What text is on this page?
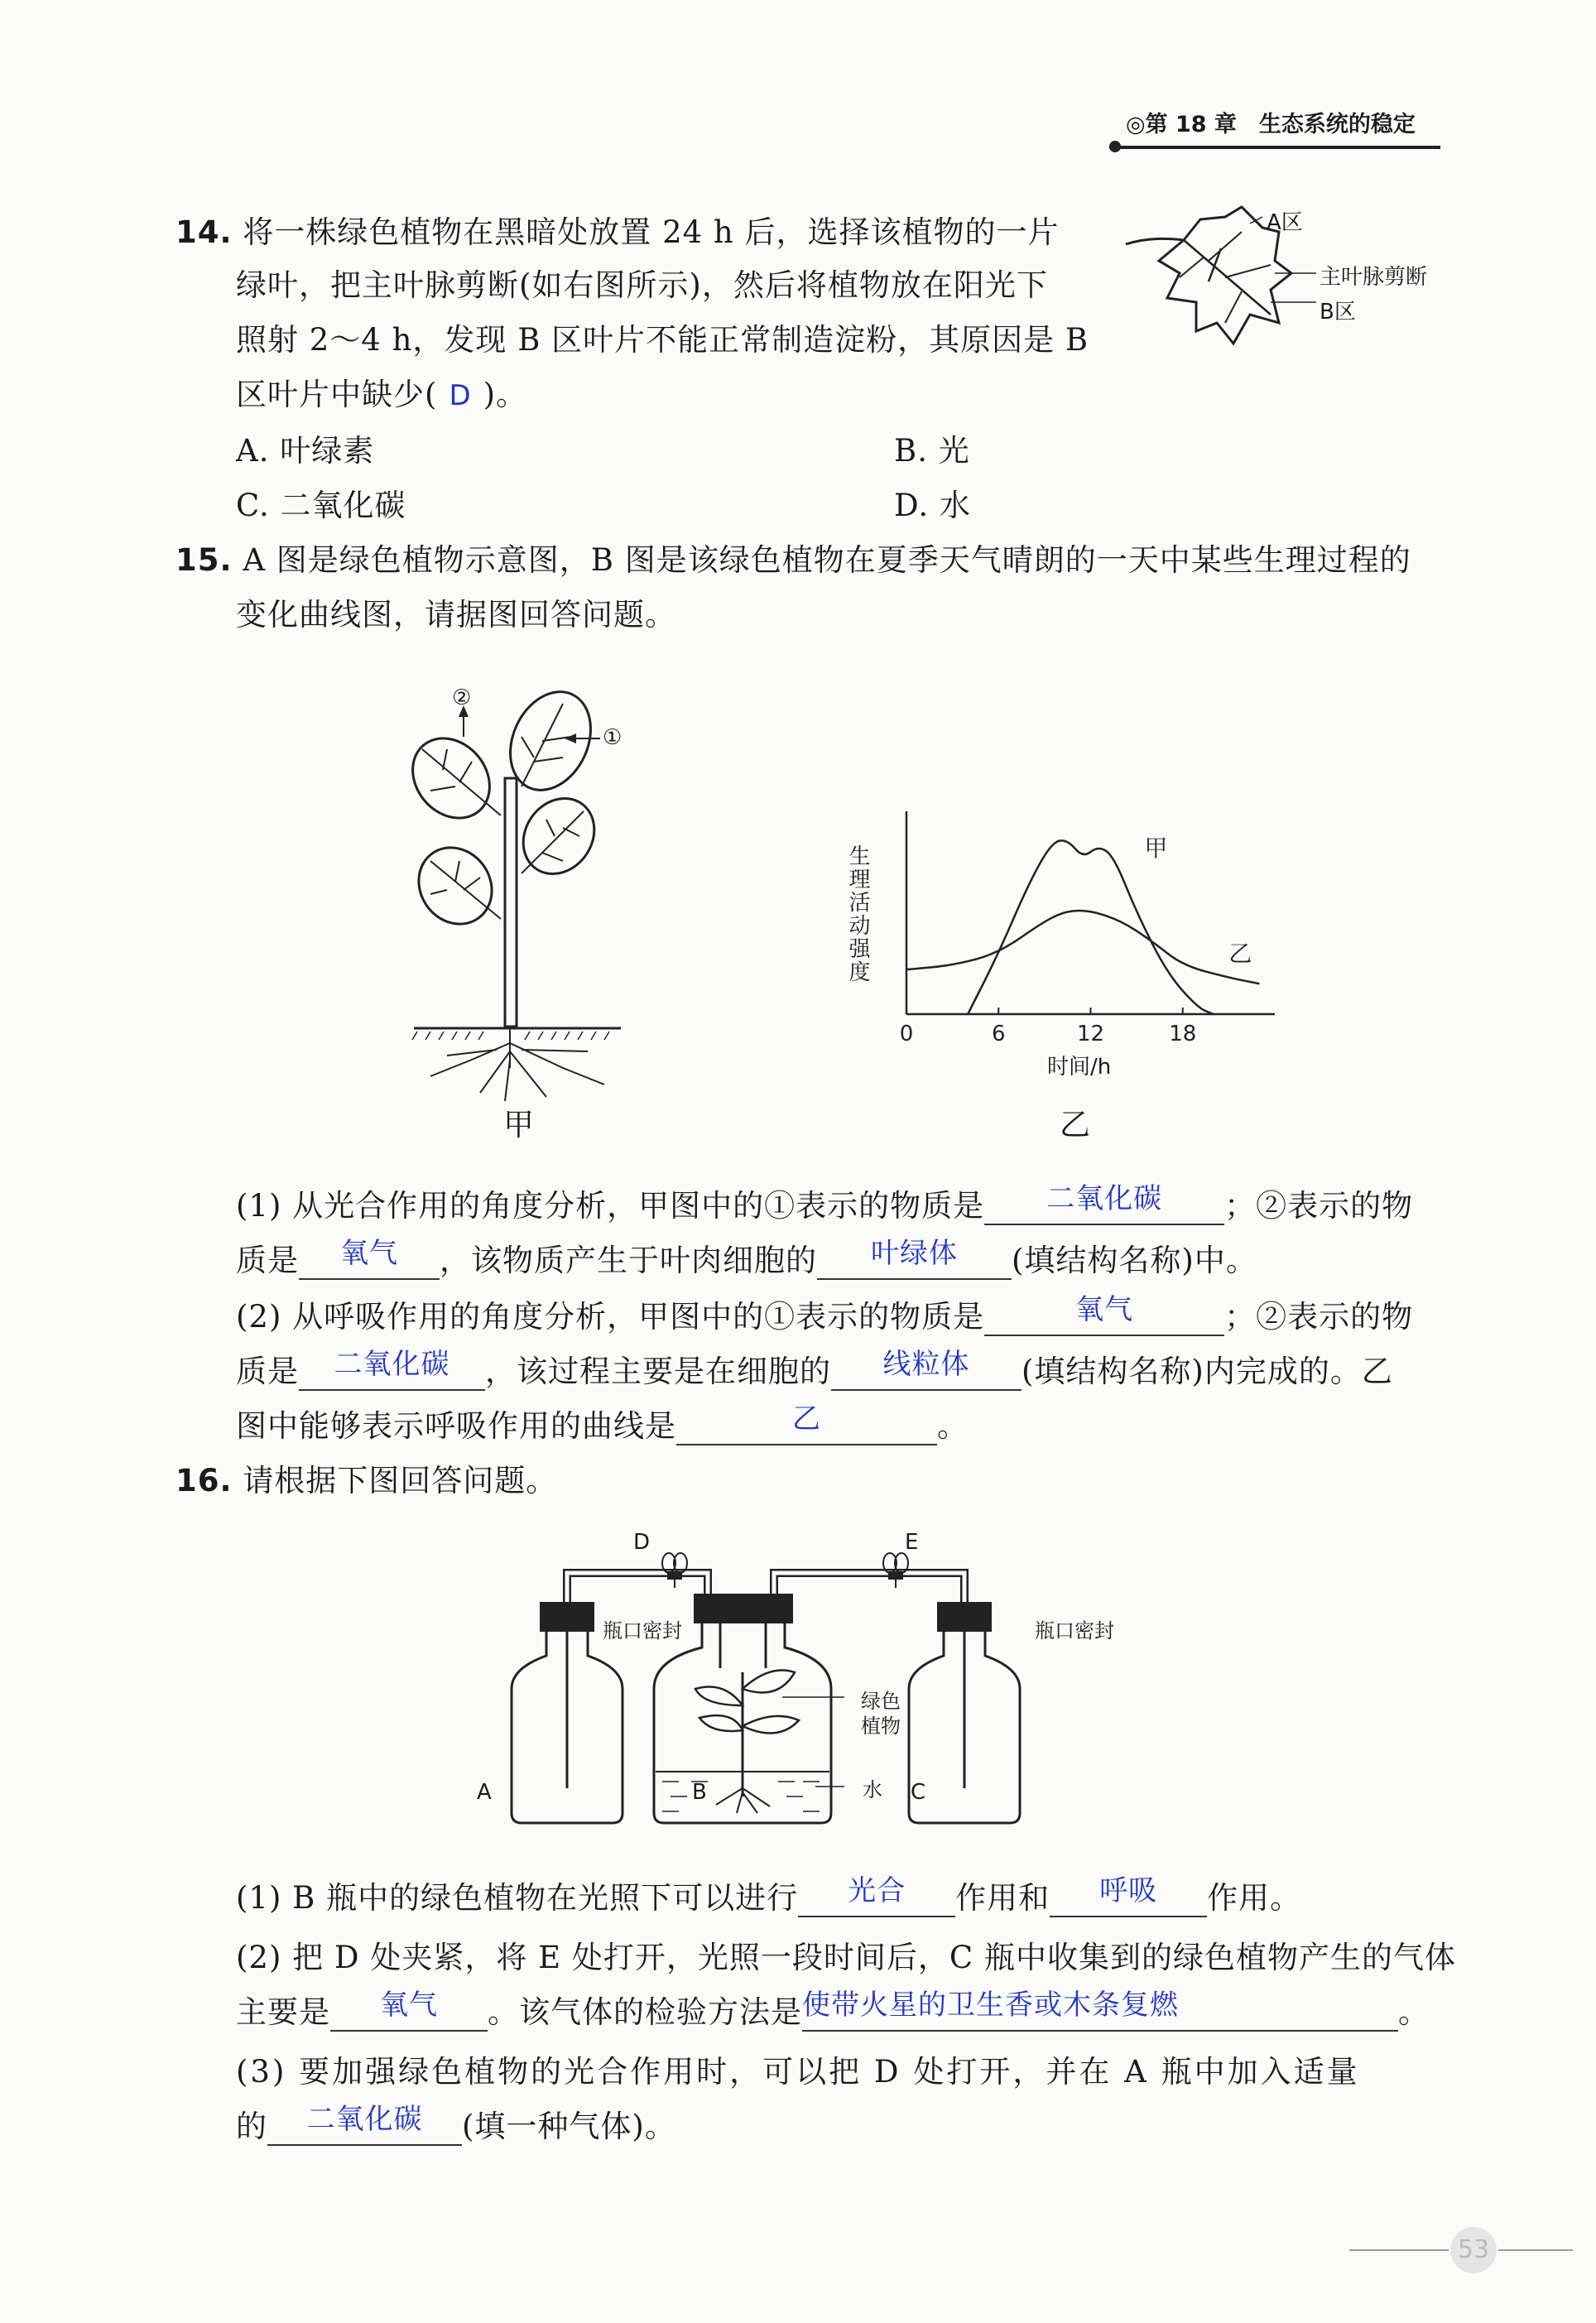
◎第 18 章　生态系统的稳定
14. 将一株绿色植物在黑暗处放置 24 h 后，选择该植物的一片
绿叶，把主叶脉剪断(如右图所示)，然后将植物放在阳光下
照射 2～4 h，发现 B 区叶片不能正常制造淀粉，其原因是 B
区叶片中缺少( D )。
A. 叶绿素	B. 光
C. 二氧化碳	D. 水
A区
主叶脉剪断
B区
15. A 图是绿色植物示意图，B 图是该绿色植物在夏季天气晴朗的一天中某些生理过程的
变化曲线图，请据图回答问题。
②
①
甲
0	6	12	18
甲
乙
生理活动强度
时间/h
乙
(1) 从光合作用的角度分析，甲图中的①表示的物质是 二氧化碳 ；②表示的物
质是 氧气 ，该物质产生于叶肉细胞的 叶绿体 (填结构名称)中。
(2) 从呼吸作用的角度分析，甲图中的①表示的物质是	氧气	；②表示的物
质是 二氧化碳 ，该过程主要是在细胞的 线粒体 (填结构名称)内完成的。乙
图中能够表示呼吸作用的曲线是	乙	。
16. 请根据下图回答问题。
D	E
瓶口密封	瓶口密封
绿色
植物
水
A	B	C
(1) B 瓶中的绿色植物在光照下可以进行 光合 作用和 呼吸 作用。
(2) 把 D 处夹紧，将 E 处打开，光照一段时间后，C 瓶中收集到的绿色植物产生的气体
主要是 氧气 。该气体的检验方法是使带火星的卫生香或木条复燃	。
(3) 要加强绿色植物的光合作用时，可以把 D 处打开，并在 A 瓶中加入适量
的 二氧化碳 (填一种气体)。
53
